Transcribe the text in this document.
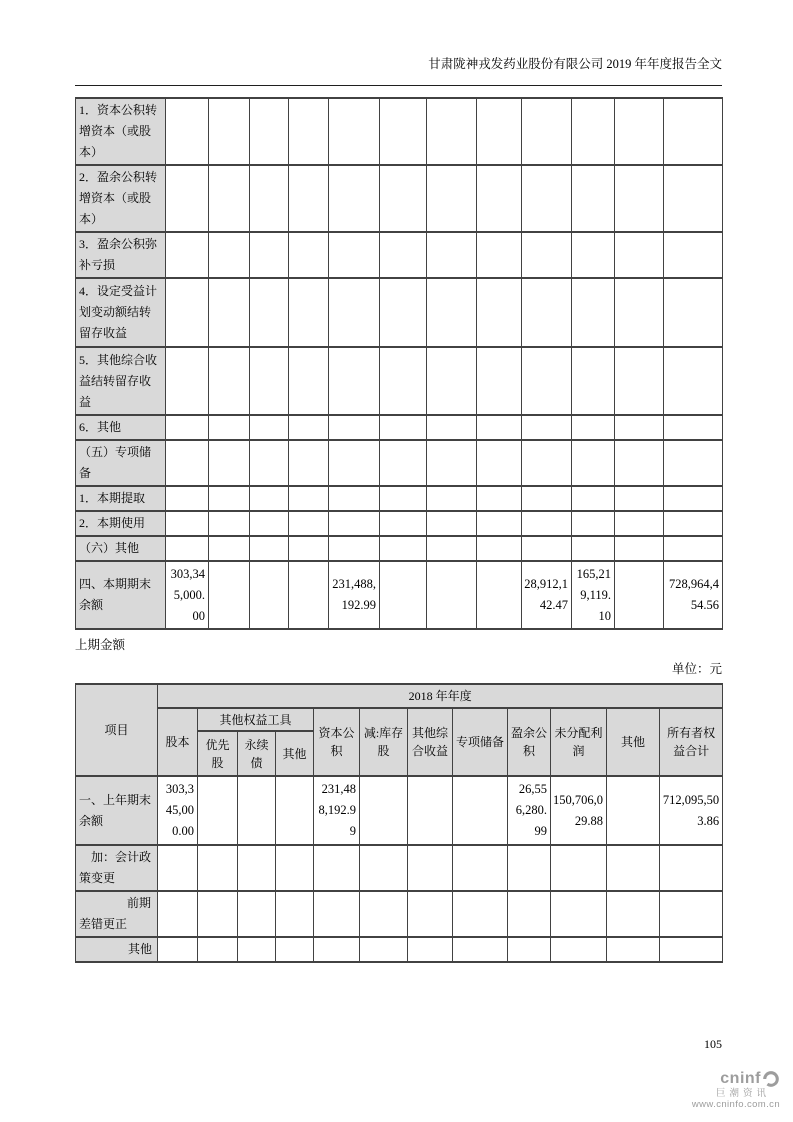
甘肃陇神戎发药业股份有限公司 2019 年年度报告全文
1．资本公积转增资本（或股本）												
2．盈余公积转增资本（或股本）												
3．盈余公积弥补亏损												
4．设定受益计划变动额结转留存收益												
5．其他综合收益结转留存收益												
6．其他												
（五）专项储备												
1．本期提取												
2．本期使用												
（六）其他												
四、本期期末余额	303,345,000.00				231,488,192.99				28,912,142.47	165,219,119.10		728,964,454.56
上期金额
单位：元
项目	2018 年年度											
	股本	其他权益工具			资本公积	减:库存股	其他综合收益	专项储备	盈余公积	未分配利润	其他	所有者权益合计
		优先股	永续债	其他								
一、上年期末余额	303,345,000.00				231,488,192.99				26,556,280.99	150,706,029.88		712,095,503.86
　加：会计政策变更												
　　　　前期差错更正												
其他												
105
cninf
巨潮资讯
www.cninfo.com.cn
